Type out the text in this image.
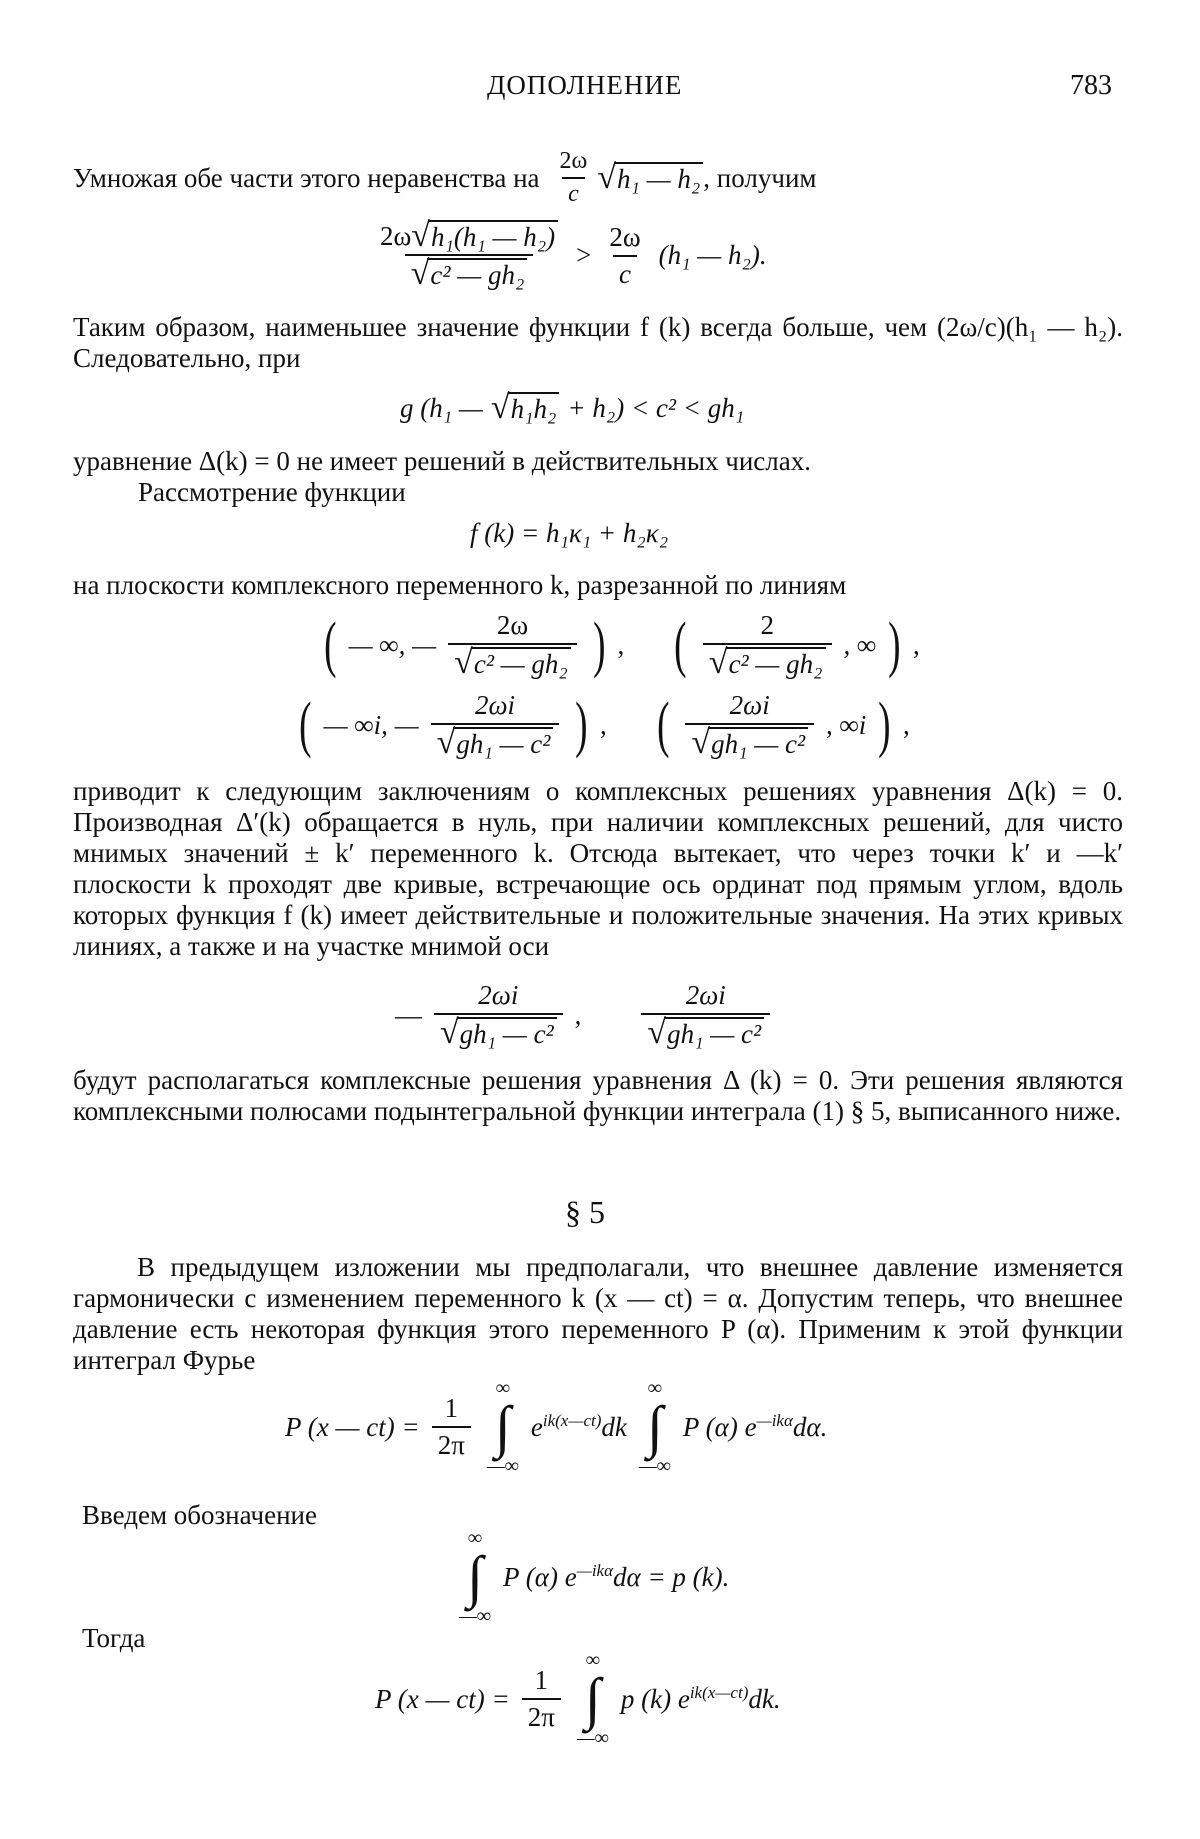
ДОПОЛНЕНИЕ	783
Умножая обе части этого неравенства на $\frac{2\omega}{c}$ √ h₁ — h₂ , получим
$\frac{\text{2ω √ h₁(h₁ — h₂)}}{\text{√ c² — gh₂}} > \frac{2\omega}{c} (h_1$ — h₂).
Таким образом, наименьшее значение функции f (k) всегда больше, чем (2ω/c)(h₁ — h₂). Следовательно, при
g (h₁ — √ h₁h₂ + h₂) < c² < gh₁
уравнение Δ(k) = 0 не имеет решений в действительных числах.
Рассмотрение функции
f (k) = h₁κ₁ + h₂κ₂
на плоскости комплексного переменного k, разрезанной по линиям
( — ∞, — $\frac{2\omega}{\text{√ c² — gh₂}}$ ) , ( $\frac{2}{\text{√ c² — gh₂}}$ , ∞ ) ,
( — ∞i, — $\frac{2\omega i}{\text{√ gh₁ — c²}}$ ) , ( $\frac{2\omega i}{\text{√ gh₁ — c²}}$ , ∞i ) ,
приводит к следующим заключениям о комплексных решениях уравнения Δ(k) = 0. Производная Δ′(k) обращается в нуль, при наличии комплексных решений, для чисто мнимых значений ± k′ переменного k. Отсюда вытекает, что через точки k′ и —k′ плоскости k проходят две кривые, встречающие ось ординат под прямым углом, вдоль которых функция f (k) имеет действительные и положительные значения. На этих кривых линиях, а также и на участке мнимой оси
— $\frac{2\omega i}{\text{√ gh₁ — c²}}$ , $\frac{2\omega i}{\text{√ gh₁ — c²}}$
будут располагаться комплексные решения уравнения Δ (k) = 0. Эти решения являются комплексными полюсами подынтегральной функции интеграла (1) § 5, выписанного ниже.
§ 5
В предыдущем изложении мы предполагали, что внешнее давление изменяется гармонически с изменением переменного k (x — ct) = α. Допустим теперь, что внешнее давление есть некоторая функция этого переменного P (α). Применим к этой функции интеграл Фурье
P (x — $ct) = \frac{1}{2\pi}$
∞
∫
—∞
$e^{ik(x—ct)}dk$
∞
∫
—∞
P (α) $e^{—ik\alpha}d\alpha$.
Введем обозначение
∞
∫
—∞
P (α) $e^{—ik\alpha}d\alpha = p$ (k).
Тогда
P (x — $ct) = \frac{1}{2\pi}$
∞
∫
—∞
p (k) $e^{ik(x—ct)}dk$.
